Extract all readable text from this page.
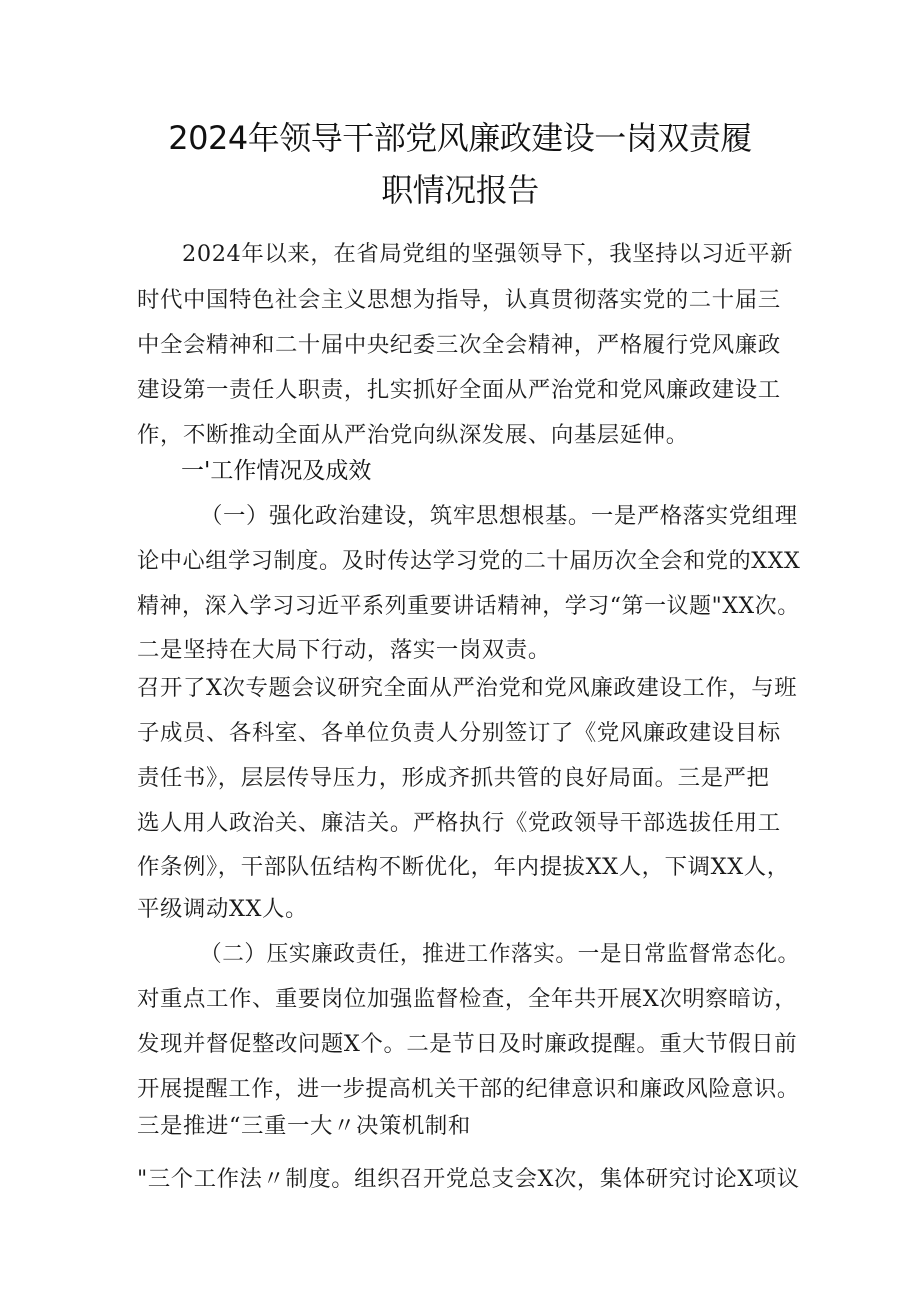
2024年领导干部党风廉政建设一岗双责履
职情况报告
2024年以来，在省局党组的坚强领导下，我坚持以习近平新
时代中国特色社会主义思想为指导，认真贯彻落实党的二十届三
中全会精神和二十届中央纪委三次全会精神，严格履行党风廉政
建设第一责任人职责，扎实抓好全面从严治党和党风廉政建设工
作，不断推动全面从严治党向纵深发展、向基层延伸。
一'工作情况及成效
（一）强化政治建设，筑牢思想根基。一是严格落实党组理
论中心组学习制度。及时传达学习党的二十届历次全会和党的XXX
精神，深入学习习近平系列重要讲话精神，学习“第一议题"XX次。
二是坚持在大局下行动，落实一岗双责。
召开了X次专题会议研究全面从严治党和党风廉政建设工作，与班
子成员、各科室、各单位负责人分别签订了《党风廉政建设目标
责任书》，层层传导压力，形成齐抓共管的良好局面。三是严把
选人用人政治关、廉洁关。严格执行《党政领导干部选拔任用工
作条例》，干部队伍结构不断优化，年内提拔XX人，下调XX人，
平级调动XX人。
（二）压实廉政责任，推进工作落实。一是日常监督常态化。
对重点工作、重要岗位加强监督检查，全年共开展X次明察暗访，
发现并督促整改问题X个。二是节日及时廉政提醒。重大节假日前
开展提醒工作，进一步提高机关干部的纪律意识和廉政风险意识。
三是推进“三重一大〃决策机制和
"三个工作法〃制度。组织召开党总支会X次，集体研究讨论X项议
